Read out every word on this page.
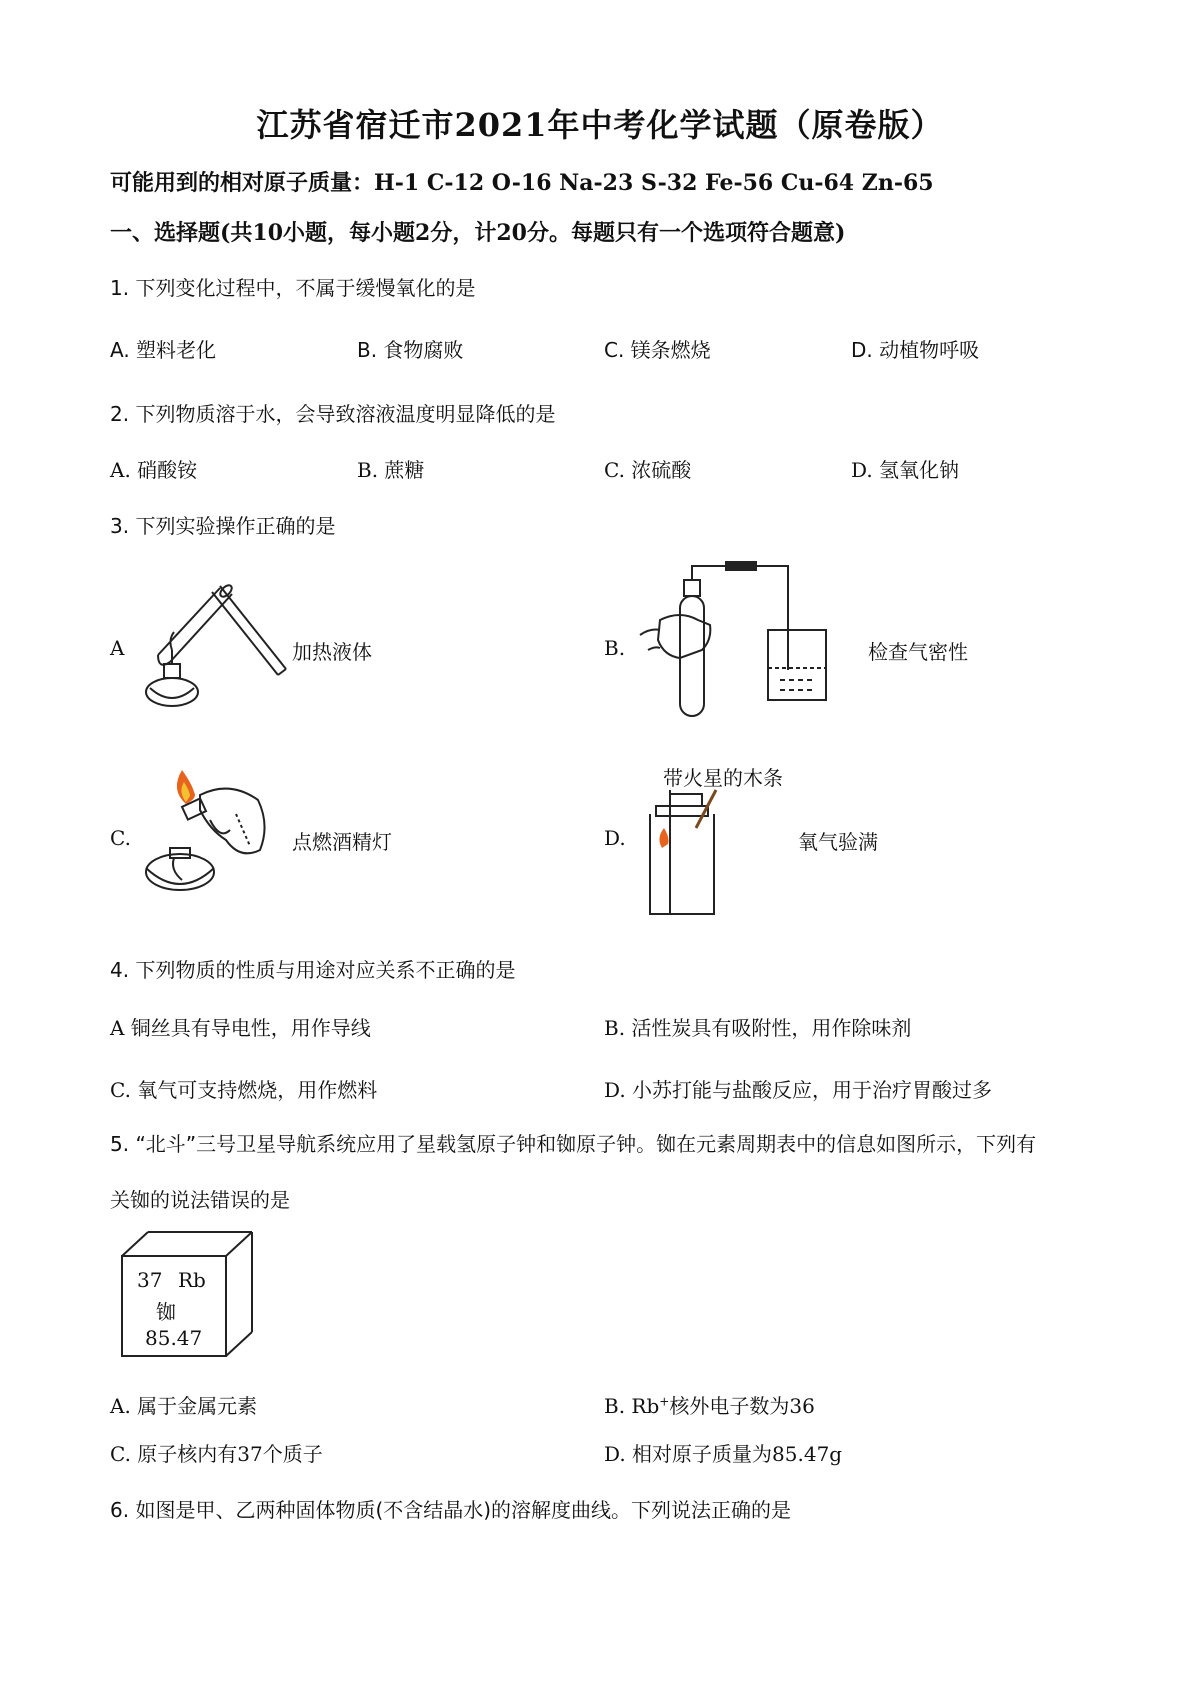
江苏省宿迁市2021年中考化学试题（原卷版）
可能用到的相对原子质量：H-1 C-12 O-16 Na-23 S-32 Fe-56 Cu-64 Zn-65
一、选择题(共10小题，每小题2分，计20分。每题只有一个选项符合题意)
1. 下列变化过程中，不属于缓慢氧化的是
A. 塑料老化	B. 食物腐败	C. 镁条燃烧	D. 动植物呼吸
2. 下列物质溶于水，会导致溶液温度明显降低的是
A. 硝酸铵	B. 蔗糖	C. 浓硫酸	D. 氢氧化钠
3. 下列实验操作正确的是
A	加热液体	B.	检查气密性
C.	点燃酒精灯	D.
带火星的木条
氧气验满
4. 下列物质的性质与用途对应关系不正确的是
A 铜丝具有导电性，用作导线	B. 活性炭具有吸附性，用作除味剂
C. 氧气可支持燃烧，用作燃料	D. 小苏打能与盐酸反应，用于治疗胃酸过多
5. “北斗”三号卫星导航系统应用了星载氢原子钟和铷原子钟。铷在元素周期表中的信息如图所示，下列有
关铷的说法错误的是
37 Rb
铷
85.47
A. 属于金属元素	B. Rb+核外电子数为36
C. 原子核内有37个质子	D. 相对原子质量为85.47g
6. 如图是甲、乙两种固体物质(不含结晶水)的溶解度曲线。下列说法正确的是
